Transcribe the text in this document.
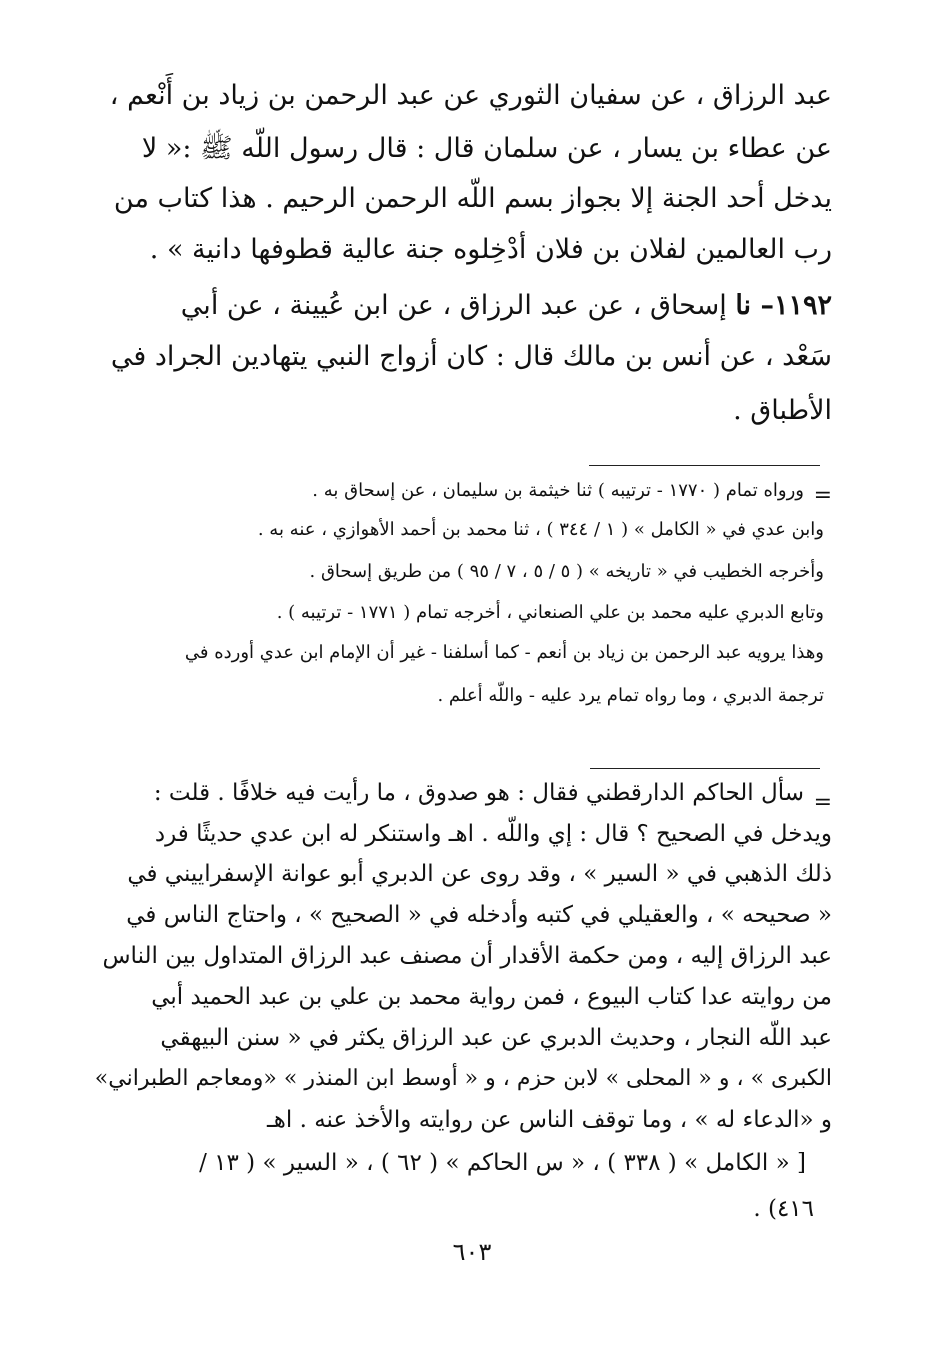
عبد الرزاق ، عن سفيان الثوري عن عبد الرحمن بن زياد بن أَنْعم ،
عن عطاء بن يسار ، عن سلمان قال : قال رسول اللّه ﷺ :« لا
يدخل أحد الجنة إلا بجواز بسم اللّه الرحمن الرحيم . هذا كتاب من
رب العالمين لفلان بن فلان أدْخِلوه جنة عالية قطوفها دانية » .
١١٩٢– نا إسحاق ، عن عبد الرزاق ، عن ابن عُيينة ، عن أبي
سَعْد ، عن أنس بن مالك قال : كان أزواج النبي يتهادين الجراد في
الأطباق .
=
ورواه تمام ( ١٧٧٠ - ترتيبه ) ثنا خيثمة بن سليمان ، عن إسحاق به .
وابن عدي في « الكامل » ( ١ / ٣٤٤ ) ، ثنا محمد بن أحمد الأهوازي ، عنه به .
وأخرجه الخطيب في « تاريخه » ( ٥ / ٥ ، ٧ / ٩٥ ) من طريق إسحاق .
وتابع الدبري عليه محمد بن علي الصنعاني ، أخرجه تمام ( ١٧٧١ - ترتيبه ) .
وهذا يرويه عبد الرحمن بن زياد بن أنعم - كما أسلفنا - غير أن الإمام ابن عدي أورده في
ترجمة الدبري ، وما رواه تمام يرد عليه - واللّه أعلم .
=
سأل الحاكم الدارقطني فقال : هو صدوق ، ما رأيت فيه خلافًا . قلت :
ويدخل في الصحيح ؟ قال : إي واللّه . اهـ واستنكر له ابن عدي حديثًا فرد
ذلك الذهبي في « السير » ، وقد روى عن الدبري أبو عوانة الإسفراييني في
« صحيحه » ، والعقيلي في كتبه وأدخله في « الصحيح » ، واحتاج الناس في
عبد الرزاق إليه ، ومن حكمة الأقدار أن مصنف عبد الرزاق المتداول بين الناس
من روايته عدا كتاب البيوع ، فمن رواية محمد بن علي بن عبد الحميد أبي
عبد اللّه النجار ، وحديث الدبري عن عبد الرزاق يكثر في « سنن البيهقي
الكبرى » ، و « المحلى » لابن حزم ، و « أوسط ابن المنذر » «ومعاجم الطبراني»
و «الدعاء له » ، وما توقف الناس عن روايته والأخذ عنه . اهـ
[ « الكامل » ( ٣٣٨ ) ، « س الحاكم » ( ٦٢ ) ، « السير » ( ١٣ /
٤١٦) .
٦٠٣
